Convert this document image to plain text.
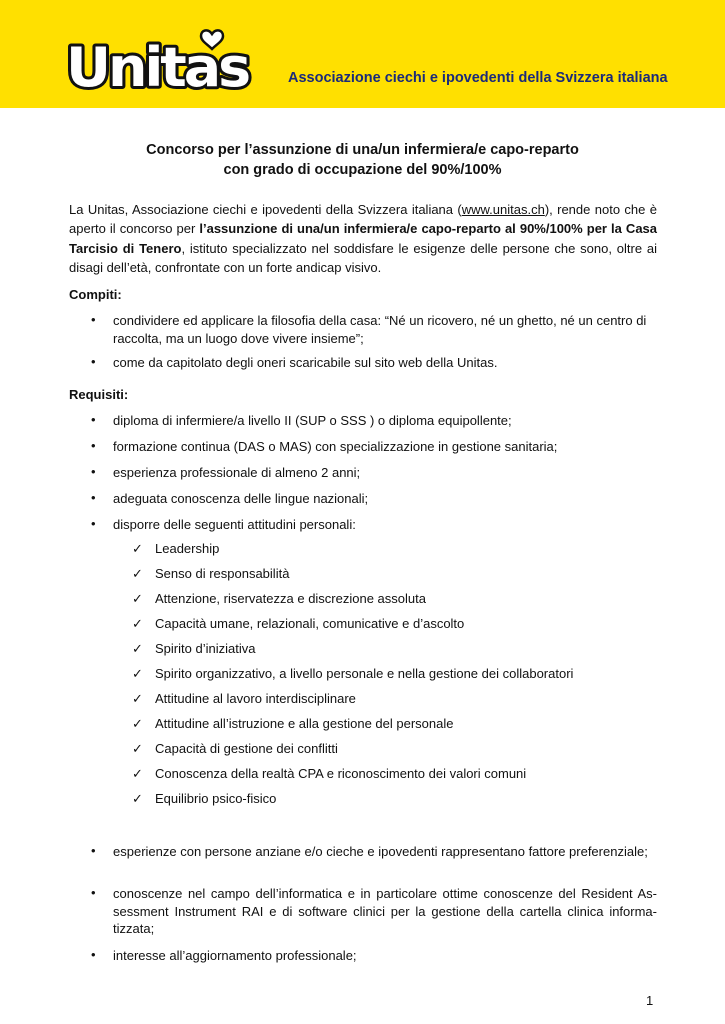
Unitas	Associazione ciechi e ipovedenti della Svizzera italiana
Concorso per l’assunzione di una/un infermiera/e capo-reparto
con grado di occupazione del 90%/100%
La Unitas, Associazione ciechi e ipovedenti della Svizzera italiana (www.unitas.ch), rende noto che è aperto il concorso per l’assunzione di una/un infermiera/e capo-reparto al 90%/100% per la Casa Tarcisio di Tenero, istituto specializzato nel soddisfare le esigenze delle persone che sono, oltre ai disagi dell’età, confrontate con un forte andicap visivo.
Compiti:
• condividere ed applicare la filosofia della casa: “Né un ricovero, né un ghetto, né un centro di raccolta, ma un luogo dove vivere insieme”;
• come da capitolato degli oneri scaricabile sul sito web della Unitas.
Requisiti:
• diploma di infermiere/a livello II (SUP o SSS ) o diploma equipollente;
• formazione continua (DAS o MAS) con specializzazione in gestione sanitaria;
• esperienza professionale di almeno 2 anni;
• adeguata conoscenza delle lingue nazionali;
• disporre delle seguenti attitudini personali:
✓ Leadership
✓ Senso di responsabilità
✓ Attenzione, riservatezza e discrezione assoluta
✓ Capacità umane, relazionali, comunicative e d’ascolto
✓ Spirito d’iniziativa
✓ Spirito organizzativo, a livello personale e nella gestione dei collaboratori
✓ Attitudine al lavoro interdisciplinare
✓ Attitudine all’istruzione e alla gestione del personale
✓ Capacità di gestione dei conflitti
✓ Conoscenza della realtà CPA e riconoscimento dei valori comuni
✓ Equilibrio psico-fisico
• esperienze con persone anziane e/o cieche e ipovedenti rappresentano fattore preferenziale;
• conoscenze nel campo dell’informatica e in particolare ottime conoscenze del Resident As-sessment Instrument RAI e di software clinici per la gestione della cartella clinica informa-tizzata;
• interesse all’aggiornamento professionale;
1
